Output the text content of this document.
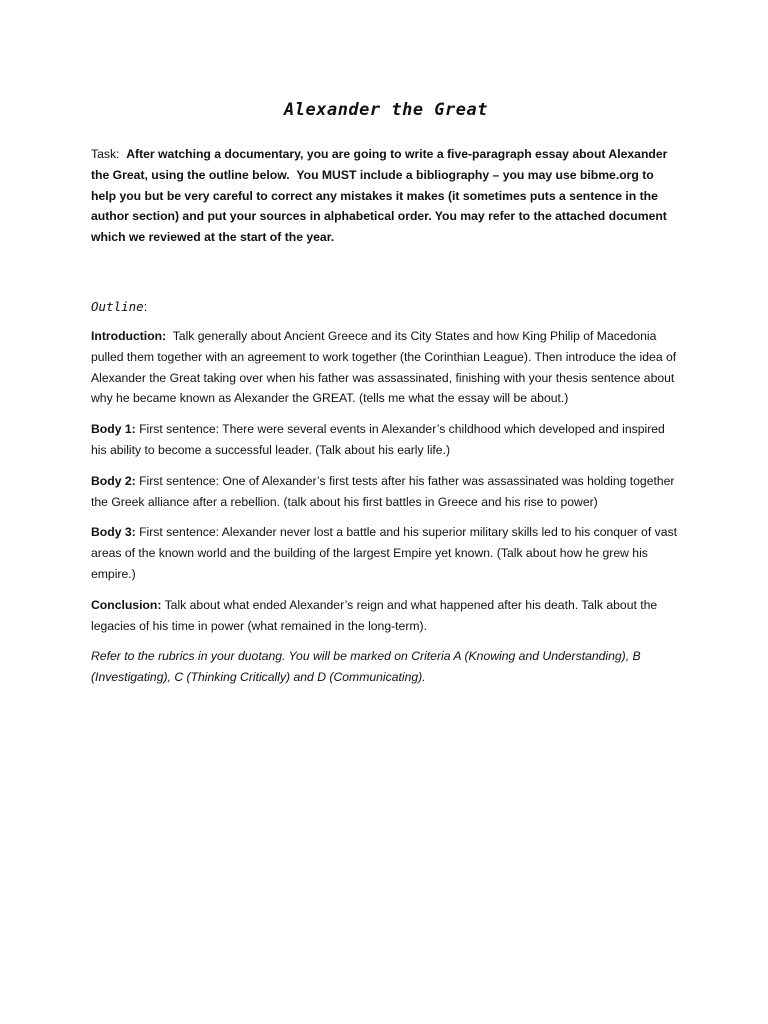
Alexander the Great

Task: After watching a documentary, you are going to write a five-paragraph essay about Alexander the Great, using the outline below. You MUST include a bibliography – you may use bibme.org to help you but be very careful to correct any mistakes it makes (it sometimes puts a sentence in the author section) and put your sources in alphabetical order. You may refer to the attached document which we reviewed at the start of the year.

Outline:

Introduction: Talk generally about Ancient Greece and its City States and how King Philip of Macedonia pulled them together with an agreement to work together (the Corinthian League). Then introduce the idea of Alexander the Great taking over when his father was assassinated, finishing with your thesis sentence about why he became known as Alexander the GREAT. (tells me what the essay will be about.)

Body 1: First sentence: There were several events in Alexander’s childhood which developed and inspired his ability to become a successful leader. (Talk about his early life.)

Body 2: First sentence: One of Alexander’s first tests after his father was assassinated was holding together the Greek alliance after a rebellion. (talk about his first battles in Greece and his rise to power)

Body 3: First sentence: Alexander never lost a battle and his superior military skills led to his conquer of vast areas of the known world and the building of the largest Empire yet known. (Talk about how he grew his empire.)

Conclusion: Talk about what ended Alexander’s reign and what happened after his death. Talk about the legacies of his time in power (what remained in the long-term).

Refer to the rubrics in your duotang. You will be marked on Criteria A (Knowing and Understanding), B (Investigating), C (Thinking Critically) and D (Communicating).
